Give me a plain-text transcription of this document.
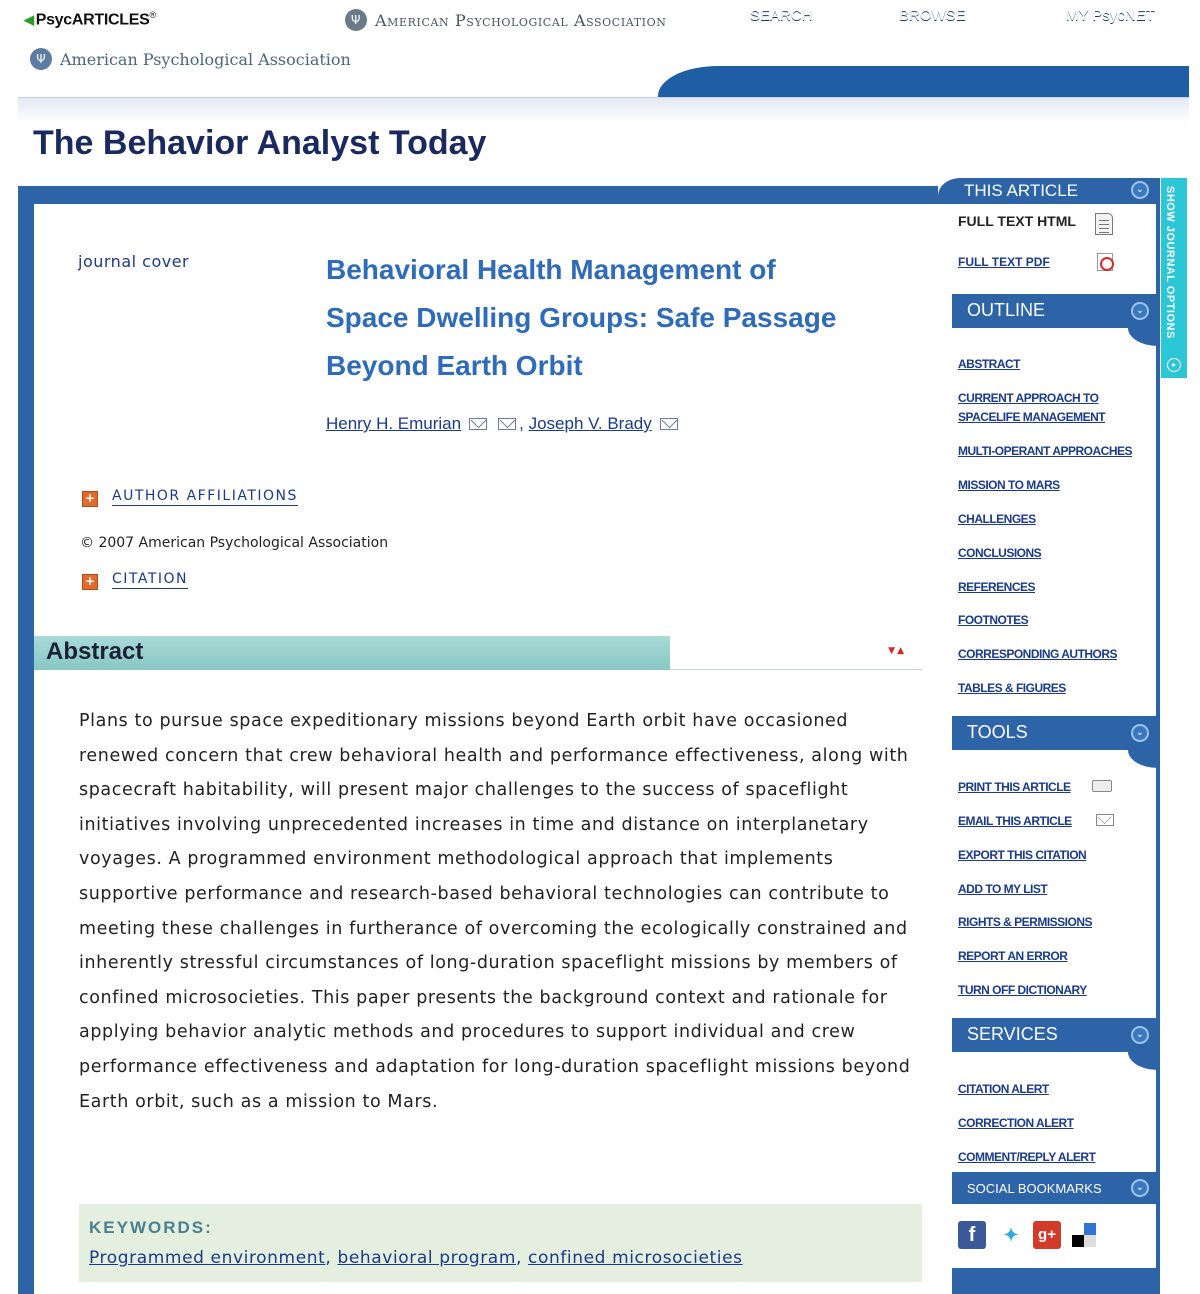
◀ PsycARTICLES®	Ψ American Psychological Association
Ψ American Psychological Association
SEARCH	BROWSE	MY PsycNET
The Behavior Analyst Today
THIS ARTICLE	⌄	SHOW JOURNAL OPTIONS
▸
FULL TEXT HTML
FULL TEXT PDF
OUTLINE	⌄
ABSTRACT
CURRENT APPROACH TO SPACELIFE MANAGEMENT
MULTI-OPERANT APPROACHES
MISSION TO MARS
CHALLENGES
CONCLUSIONS
REFERENCES
FOOTNOTES
CORRESPONDING AUTHORS
TABLES & FIGURES
TOOLS	⌄
PRINT THIS ARTICLE
EMAIL THIS ARTICLE
EXPORT THIS CITATION
ADD TO MY LIST
RIGHTS & PERMISSIONS
REPORT AN ERROR
TURN OFF DICTIONARY
SERVICES	⌄
CITATION ALERT
CORRECTION ALERT
COMMENT/REPLY ALERT
SOCIAL BOOKMARKS	⌄
f	✦	g+
journal cover	Behavioral Health Management of Space Dwelling Groups: Safe Passage Beyond Earth Orbit
Henry H. Emurian	,
Joseph V. Brady
+ AUTHOR AFFILIATIONS
© 2007 American Psychological Association
+ CITATION
Abstract	▼▲

Plans to pursue space expeditionary missions beyond Earth orbit have occasioned renewed concern that crew behavioral health and performance effectiveness, along with spacecraft habitability, will present major challenges to the success of spaceflight initiatives involving unprecedented increases in time and distance on interplanetary voyages. A programmed environment methodological approach that implements supportive performance and research-based behavioral technologies can contribute to meeting these challenges in furtherance of overcoming the ecologically constrained and inherently stressful circumstances of long-duration spaceflight missions by members of confined microsocieties. This paper presents the background context and rationale for applying behavior analytic methods and procedures to support individual and crew performance effectiveness and adaptation for long-duration spaceflight missions beyond Earth orbit, such as a mission to Mars.

KEYWORDS:
Programmed environment, behavioral program, confined microsocieties
